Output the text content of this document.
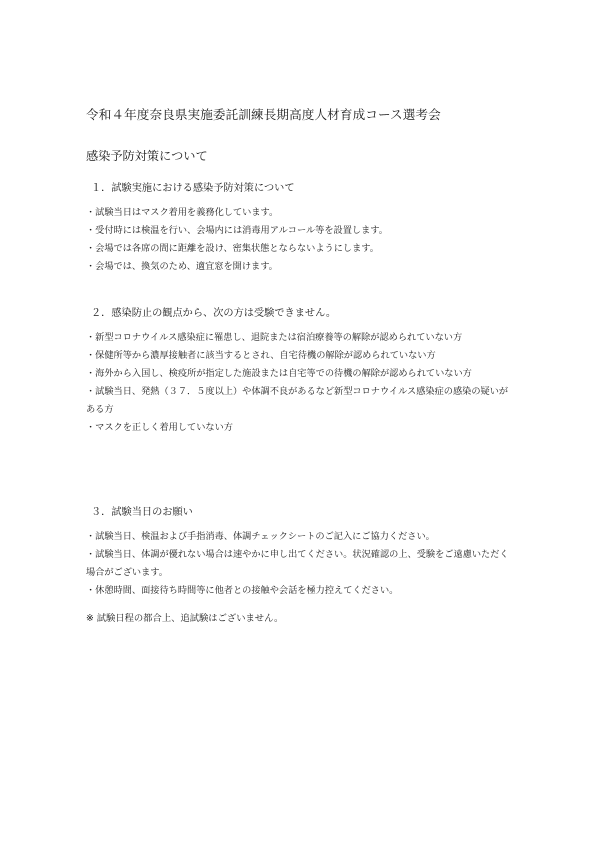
令和４年度奈良県実施委託訓練長期高度人材育成コース選考会
感染予防対策について
１．試験実施における感染予防対策について
・試験当日はマスク着用を義務化しています。
・受付時には検温を行い、会場内には消毒用アルコール等を設置します。
・会場では各席の間に距離を設け、密集状態とならないようにします。
・会場では、換気のため、適宜窓を開けます。
２．感染防止の観点から、次の方は受験できません。
・新型コロナウイルス感染症に罹患し、退院または宿泊療養等の解除が認められていない方
・保健所等から濃厚接触者に該当するとされ、自宅待機の解除が認められていない方
・海外から入国し、検疫所が指定した施設または自宅等での待機の解除が認められていない方
・試験当日、発熱（３７．５度以上）や体調不良があるなど新型コロナウイルス感染症の感染の疑いがある方
・マスクを正しく着用していない方
３．試験当日のお願い
・試験当日、検温および手指消毒、体調チェックシートのご記入にご協力ください。
・試験当日、体調が優れない場合は速やかに申し出てください。状況確認の上、受験をご遠慮いただく場合がございます。
・休憩時間、面接待ち時間等に他者との接触や会話を極力控えてください。
※ 試験日程の都合上、追試験はございません。
